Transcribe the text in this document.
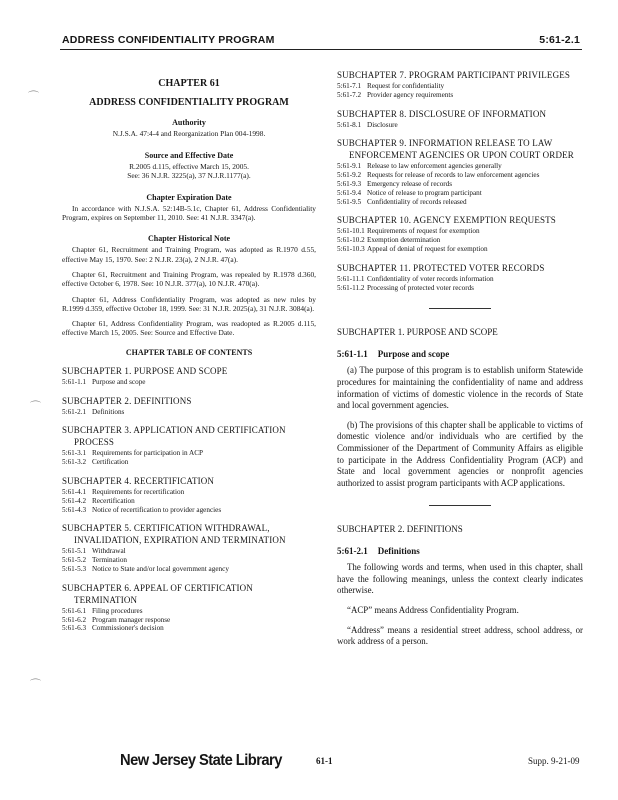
ADDRESS CONFIDENTIALITY PROGRAM	5:61-2.1
⌒
⌒
⌒
CHAPTER 61
ADDRESS CONFIDENTIALITY PROGRAM
Authority
N.J.S.A. 47:4-4 and Reorganization Plan 004-1998.
Source and Effective Date
R.2005 d.115, effective March 15, 2005.
See: 36 N.J.R. 3225(a), 37 N.J.R.1177(a).
Chapter Expiration Date

In accordance with N.J.S.A. 52:14B-5.1c, Chapter 61, Address Confidentiality Program, expires on September 11, 2010. See: 41 N.J.R. 3347(a).

Chapter Historical Note

Chapter 61, Recruitment and Training Program, was adopted as R.1970 d.55, effective May 15, 1970. See: 2 N.J.R. 23(a), 2 N.J.R. 47(a).

Chapter 61, Recruitment and Training Program, was repealed by R.1978 d.360, effective October 6, 1978. See: 10 N.J.R. 377(a), 10 N.J.R. 470(a).

Chapter 61, Address Confidentiality Program, was adopted as new rules by R.1999 d.359, effective October 18, 1999. See: 31 N.J.R. 2025(a), 31 N.J.R. 3084(a).

Chapter 61, Address Confidentiality Program, was readopted as R.2005 d.115, effective March 15, 2005. See: Source and Effective Date.

CHAPTER TABLE OF CONTENTS
SUBCHAPTER 1. PURPOSE AND SCOPE
5:61-1.1 Purpose and scope
SUBCHAPTER 2. DEFINITIONS
5:61-2.1 Definitions
SUBCHAPTER 3. APPLICATION AND CERTIFICATION
PROCESS
5:61-3.1 Requirements for participation in ACP
5:61-3.2 Certification
SUBCHAPTER 4. RECERTIFICATION
5:61-4.1 Requirements for recertification
5:61-4.2 Recertification
5:61-4.3 Notice of recertification to provider agencies
SUBCHAPTER 5. CERTIFICATION WITHDRAWAL,
INVALIDATION, EXPIRATION AND TERMINATION
5:61-5.1 Withdrawal
5:61-5.2 Termination
5:61-5.3 Notice to State and/or local government agency
SUBCHAPTER 6. APPEAL OF CERTIFICATION
TERMINATION
5:61-6.1 Filing procedures
5:61-6.2 Program manager response
5:61-6.3 Commissioner's decision
SUBCHAPTER 7. PROGRAM PARTICIPANT PRIVILEGES
5:61-7.1 Request for confidentiality
5:61-7.2 Provider agency requirements
SUBCHAPTER 8. DISCLOSURE OF INFORMATION
5:61-8.1 Disclosure
SUBCHAPTER 9. INFORMATION RELEASE TO LAW
ENFORCEMENT AGENCIES OR UPON COURT ORDER
5:61-9.1 Release to law enforcement agencies generally
5:61-9.2 Requests for release of records to law enforcement agencies
5:61-9.3 Emergency release of records
5:61-9.4 Notice of release to program participant
5:61-9.5 Confidentiality of records released
SUBCHAPTER 10. AGENCY EXEMPTION REQUESTS
5:61-10.1 Requirements of request for exemption
5:61-10.2 Exemption determination
5:61-10.3 Appeal of denial of request for exemption
SUBCHAPTER 11. PROTECTED VOTER RECORDS
5:61-11.1 Confidentiality of voter records information
5:61-11.2 Processing of protected voter records
SUBCHAPTER 1. PURPOSE AND SCOPE
5:61-1.1 Purpose and scope

(a) The purpose of this program is to establish uniform Statewide procedures for maintaining the confidentiality of name and address information of victims of domestic violence in the records of State and local government agencies.

(b) The provisions of this chapter shall be applicable to victims of domestic violence and/or individuals who are certified by the Commissioner of the Department of Community Affairs as eligible to participate in the Address Confidentiality Program (ACP) and State and local government agencies or nonprofit agencies authorized to assist program participants with ACP applications.

SUBCHAPTER 2. DEFINITIONS
5:61-2.1 Definitions

The following words and terms, when used in this chapter, shall have the following meanings, unless the context clearly indicates otherwise.

“ACP” means Address Confidentiality Program.

“Address” means a residential street address, school address, or work address of a person.

New Jersey State Library	61-1	Supp. 9-21-09
